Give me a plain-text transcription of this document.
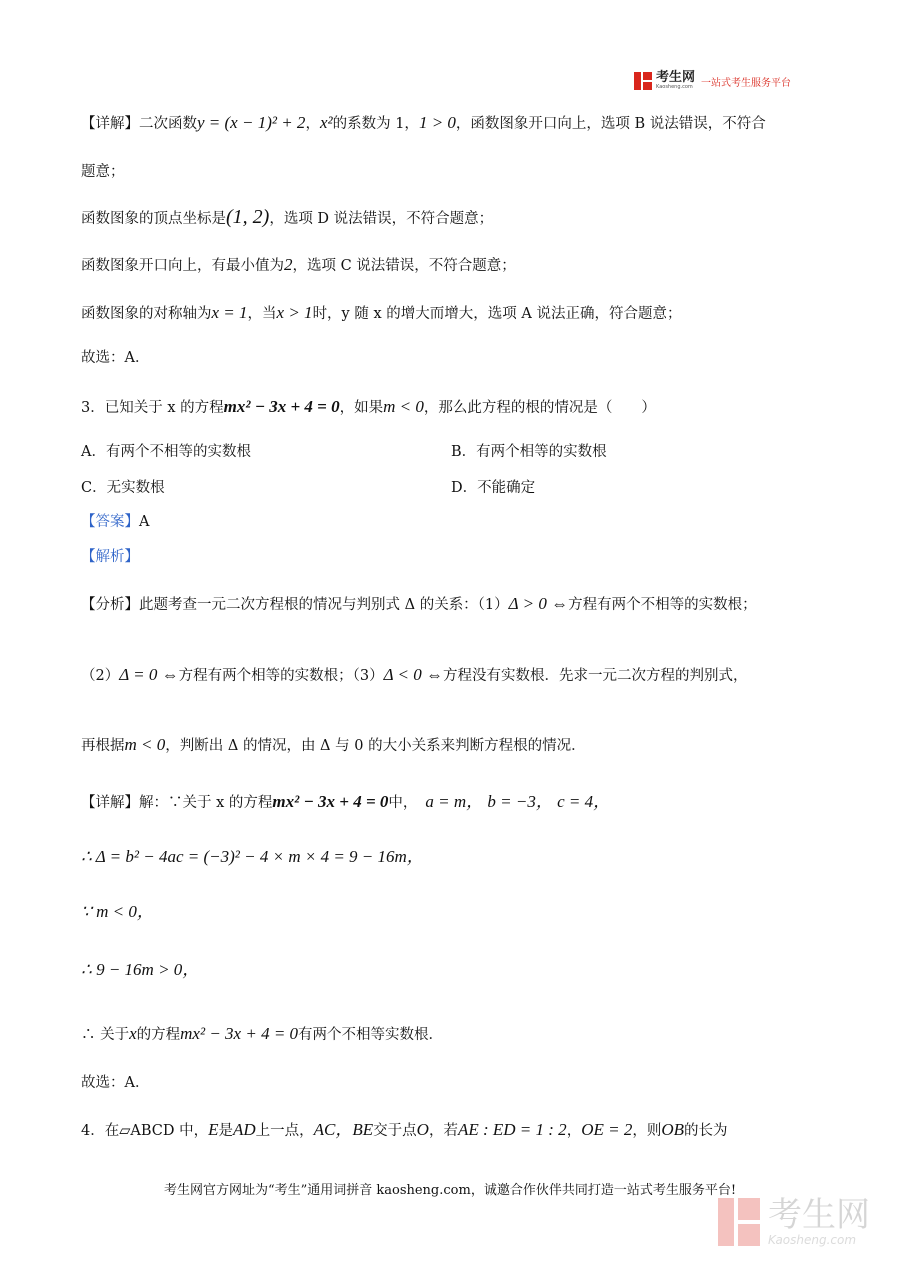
考生网
Kaosheng.com 一站式考生服务平台
【详解】二次函数y = (x − 1)² + 2，x²的系数为 1，1 > 0，函数图象开口向上，选项 B 说法错误，不符合
题意；
函数图象的顶点坐标是(1, 2)，选项 D 说法错误，不符合题意；
函数图象开口向上，有最小值为2，选项 C 说法错误，不符合题意；
函数图象的对称轴为x = 1，当x > 1时，y 随 x 的增大而增大，选项 A 说法正确，符合题意；
故选：A．
3．已知关于 x 的方程mx² − 3x + 4 = 0，如果m < 0，那么此方程的根的情况是（　　）
A．有两个不相等的实数根	B．有两个相等的实数根
C．无实数根	D．不能确定
【答案】A
【解析】
【分析】此题考查一元二次方程根的情况与判别式 Δ 的关系：（1）Δ > 0 ⇔方程有两个不相等的实数根；
（2）Δ = 0 ⇔方程有两个相等的实数根；（3）Δ < 0 ⇔方程没有实数根．先求一元二次方程的判别式，
再根据m < 0，判断出 Δ 的情况，由 Δ 与 0 的大小关系来判断方程根的情况．
【详解】解：∵关于 x 的方程mx² − 3x + 4 = 0中， a = m， b = −3， c = 4，
∴ Δ = b² − 4ac = (−3)² − 4 × m × 4 = 9 − 16m，
∵ m < 0，
∴ 9 − 16m > 0，
∴ 关于x的方程mx² − 3x + 4 = 0有两个不相等实数根．
故选：A．
4．在▱ABCD 中，E是AD上一点，AC，BE交于点O，若AE : ED = 1 : 2，OE = 2，则OB的长为
考生网官方网址为“考生”通用词拼音 kaosheng.com，诚邀合作伙伴共同打造一站式考生服务平台!
考生网
Kaosheng.com
